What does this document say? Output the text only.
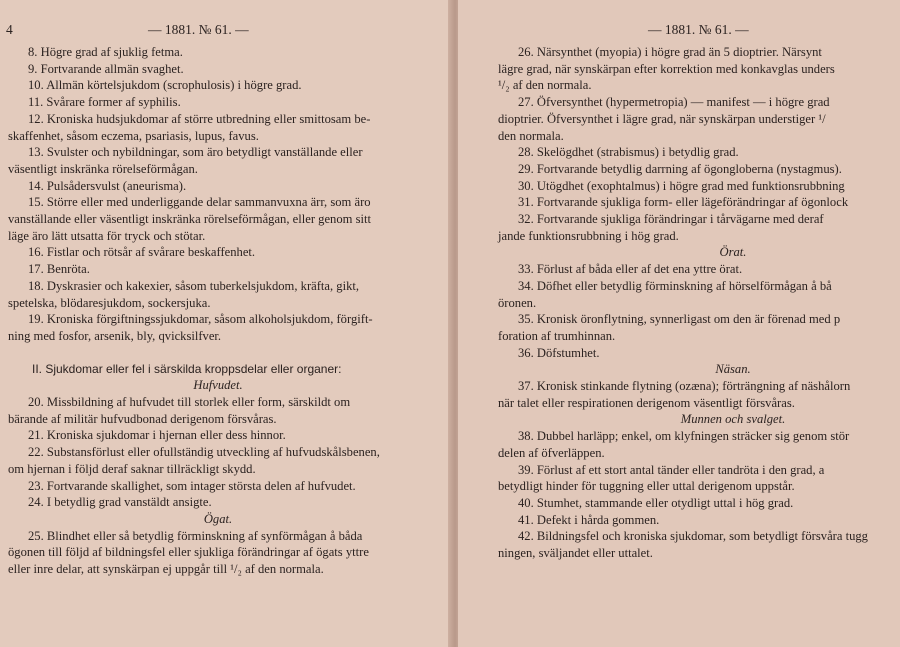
4	— 1881. № 61. —
8. Högre grad af sjuklig fetma.
9. Fortvarande allmän svaghet.
10. Allmän körtelsjukdom (scrophulosis) i högre grad.
11. Svårare former af syphilis.
12. Kroniska hudsjukdomar af större utbredning eller smittosam be-
skaffenhet, såsom eczema, psariasis, lupus, favus.
13. Svulster och nybildningar, som äro betydligt vanställande eller
väsentligt inskränka rörelseförmågan.
14. Pulsådersvulst (aneurisma).
15. Större eller med underliggande delar sammanvuxna ärr, som äro
vanställande eller väsentligt inskränka rörelseförmågan, eller genom sitt
läge äro lätt utsatta för tryck och stötar.
16. Fistlar och rötsår af svårare beskaffenhet.
17. Benröta.
18. Dyskrasier och kakexier, såsom tuberkelsjukdom, kräfta, gikt,
spetelska, blödaresjukdom, sockersjuka.
19. Kroniska förgiftningssjukdomar, såsom alkoholsjukdom, förgift-
ning med fosfor, arsenik, bly, qvicksilfver.
II. Sjukdomar eller fel i särskilda kroppsdelar eller organer:
Hufvudet.
20. Missbildning af hufvudet till storlek eller form, särskildt om
bärande af militär hufvudbonad derigenom försvåras.
21. Kroniska sjukdomar i hjernan eller dess hinnor.
22. Substansförlust eller ofullständig utveckling af hufvudskålsbenen,
om hjernan i följd deraf saknar tillräckligt skydd.
23. Fortvarande skallighet, som intager största delen af hufvudet.
24. I betydlig grad vanstäldt ansigte.
Ögat.
25. Blindhet eller så betydlig förminskning af synförmågan å båda
ögonen till följd af bildningsfel eller sjukliga förändringar af ögats yttre
eller inre delar, att synskärpan ej uppgår till ¹/₂ af den normala.
— 1881. № 61. —
26. Närsynthet (myopia) i högre grad än 5 dioptrier. Närsynt
lägre grad, när synskärpan efter korrektion med konkavglas unders
¹/₂ af den normala.
27. Öfversynthet (hypermetropia) — manifest — i högre grad
dioptrier. Öfversynthet i lägre grad, när synskärpan understiger ¹/
den normala.
28. Skelögdhet (strabismus) i betydlig grad.
29. Fortvarande betydlig darrning af ögongloberna (nystagmus).
30. Utögdhet (exophtalmus) i högre grad med funktionsrubbning
31. Fortvarande sjukliga form- eller lägeförändringar af ögonlock
32. Fortvarande sjukliga förändringar i tårvägarne med deraf
jande funktionsrubbning i hög grad.
Örat.
33. Förlust af båda eller af det ena yttre örat.
34. Döfhet eller betydlig förminskning af hörselförmågan å bå
öronen.
35. Kronisk öronflytning, synnerligast om den är förenad med p
foration af trumhinnan.
36. Döfstumhet.
Näsan.
37. Kronisk stinkande flytning (ozæna); förträngning af näshålorn
när talet eller respirationen derigenom väsentligt försvåras.
Munnen och svalget.
38. Dubbel harläpp; enkel, om klyfningen sträcker sig genom stör
delen af öfverläppen.
39. Förlust af ett stort antal tänder eller tandröta i den grad, a
betydligt hinder för tuggning eller uttal derigenom uppstår.
40. Stumhet, stammande eller otydligt uttal i hög grad.
41. Defekt i hårda gommen.
42. Bildningsfel och kroniska sjukdomar, som betydligt försvåra tugg
ningen, sväljandet eller uttalet.
